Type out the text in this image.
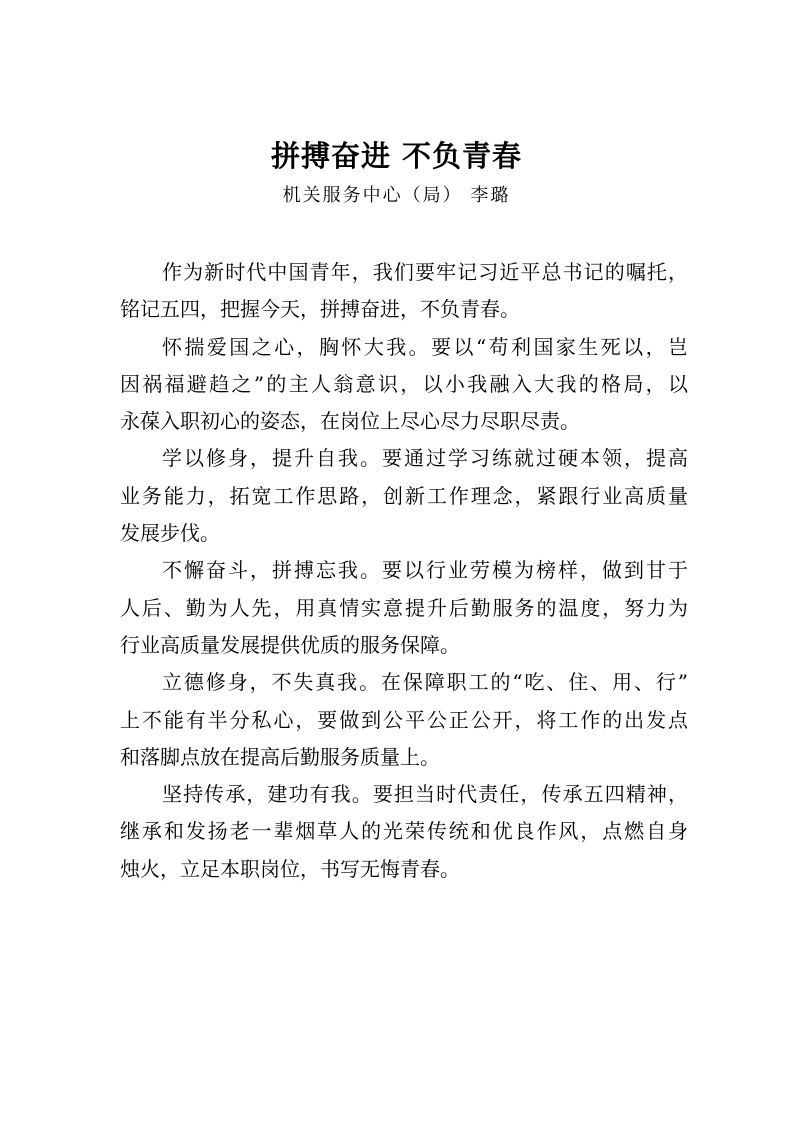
拼搏奋进 不负青春
机关服务中心（局） 李璐
作为新时代中国青年，我们要牢记习近平总书记的嘱托，
铭记五四，把握今天，拼搏奋进，不负青春。
怀揣爱国之心，胸怀大我。要以“苟利国家生死以，岂
因祸福避趋之”的主人翁意识，以小我融入大我的格局，以
永葆入职初心的姿态，在岗位上尽心尽力尽职尽责。
学以修身，提升自我。要通过学习练就过硬本领，提高
业务能力，拓宽工作思路，创新工作理念，紧跟行业高质量
发展步伐。
不懈奋斗，拼搏忘我。要以行业劳模为榜样，做到甘于
人后、勤为人先，用真情实意提升后勤服务的温度，努力为
行业高质量发展提供优质的服务保障。
立德修身，不失真我。在保障职工的“吃、住、用、行”
上不能有半分私心，要做到公平公正公开，将工作的出发点
和落脚点放在提高后勤服务质量上。
坚持传承，建功有我。要担当时代责任，传承五四精神，
继承和发扬老一辈烟草人的光荣传统和优良作风，点燃自身
烛火，立足本职岗位，书写无悔青春。
